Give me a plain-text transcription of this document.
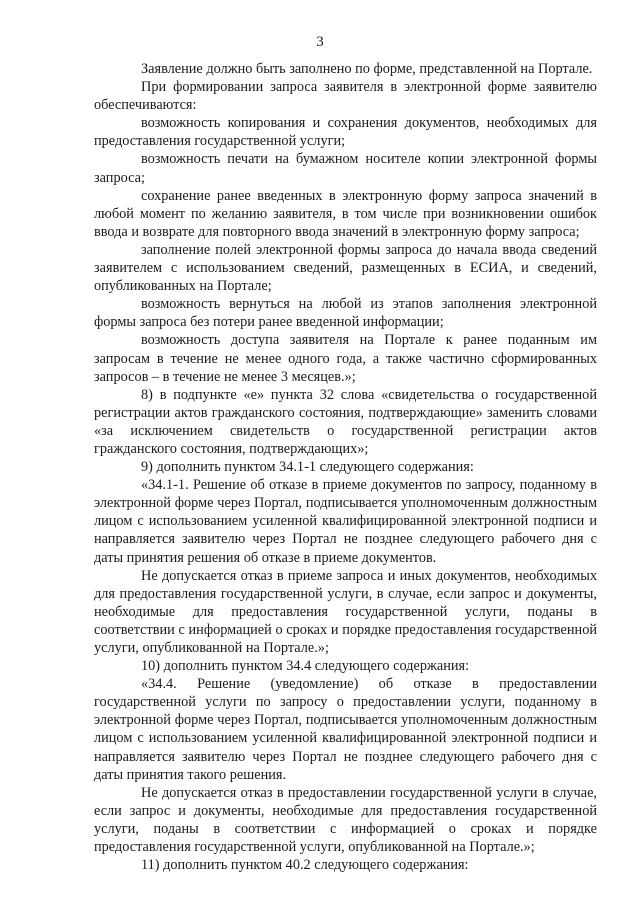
3

Заявление должно быть заполнено по форме, представленной на Портале.

При формировании запроса заявителя в электронной форме заявителю обеспечиваются:

возможность копирования и сохранения документов, необходимых для предоставления государственной услуги;

возможность печати на бумажном носителе копии электронной формы запроса;

сохранение ранее введенных в электронную форму запроса значений в любой момент по желанию заявителя, в том числе при возникновении ошибок ввода и возврате для повторного ввода значений в электронную форму запроса;

заполнение полей электронной формы запроса до начала ввода сведений заявителем с использованием сведений, размещенных в ЕСИА, и сведений, опубликованных на Портале;

возможность вернуться на любой из этапов заполнения электронной формы запроса без потери ранее введенной информации;

возможность доступа заявителя на Портале к ранее поданным им запросам в течение не менее одного года, а также частично сформированных запросов – в течение не менее 3 месяцев.»;

8) в подпункте «е» пункта 32 слова «свидетельства о государственной регистрации актов гражданского состояния, подтверждающие» заменить словами «за исключением свидетельств о государственной регистрации актов гражданского состояния, подтверждающих»;

9) дополнить пунктом 34.1-1 следующего содержания:

«34.1-1. Решение об отказе в приеме документов по запросу, поданному в электронной форме через Портал, подписывается уполномоченным должностным лицом с использованием усиленной квалифицированной электронной подписи и направляется заявителю через Портал не позднее следующего рабочего дня с даты принятия решения об отказе в приеме документов.

Не допускается отказ в приеме запроса и иных документов, необходимых для предоставления государственной услуги, в случае, если запрос и документы, необходимые для предоставления государственной услуги, поданы в соответствии с информацией о сроках и порядке предоставления государственной услуги, опубликованной на Портале.»;

10) дополнить пунктом 34.4 следующего содержания:

«34.4. Решение (уведомление) об отказе в предоставлении государственной услуги по запросу о предоставлении услуги, поданному в электронной форме через Портал, подписывается уполномоченным должностным лицом с использованием усиленной квалифицированной электронной подписи и направляется заявителю через Портал не позднее следующего рабочего дня с даты принятия такого решения.

Не допускается отказ в предоставлении государственной услуги в случае, если запрос и документы, необходимые для предоставления государственной услуги, поданы в соответствии с информацией о сроках и порядке предоставления государственной услуги, опубликованной на Портале.»;

11) дополнить пунктом 40.2 следующего содержания:
